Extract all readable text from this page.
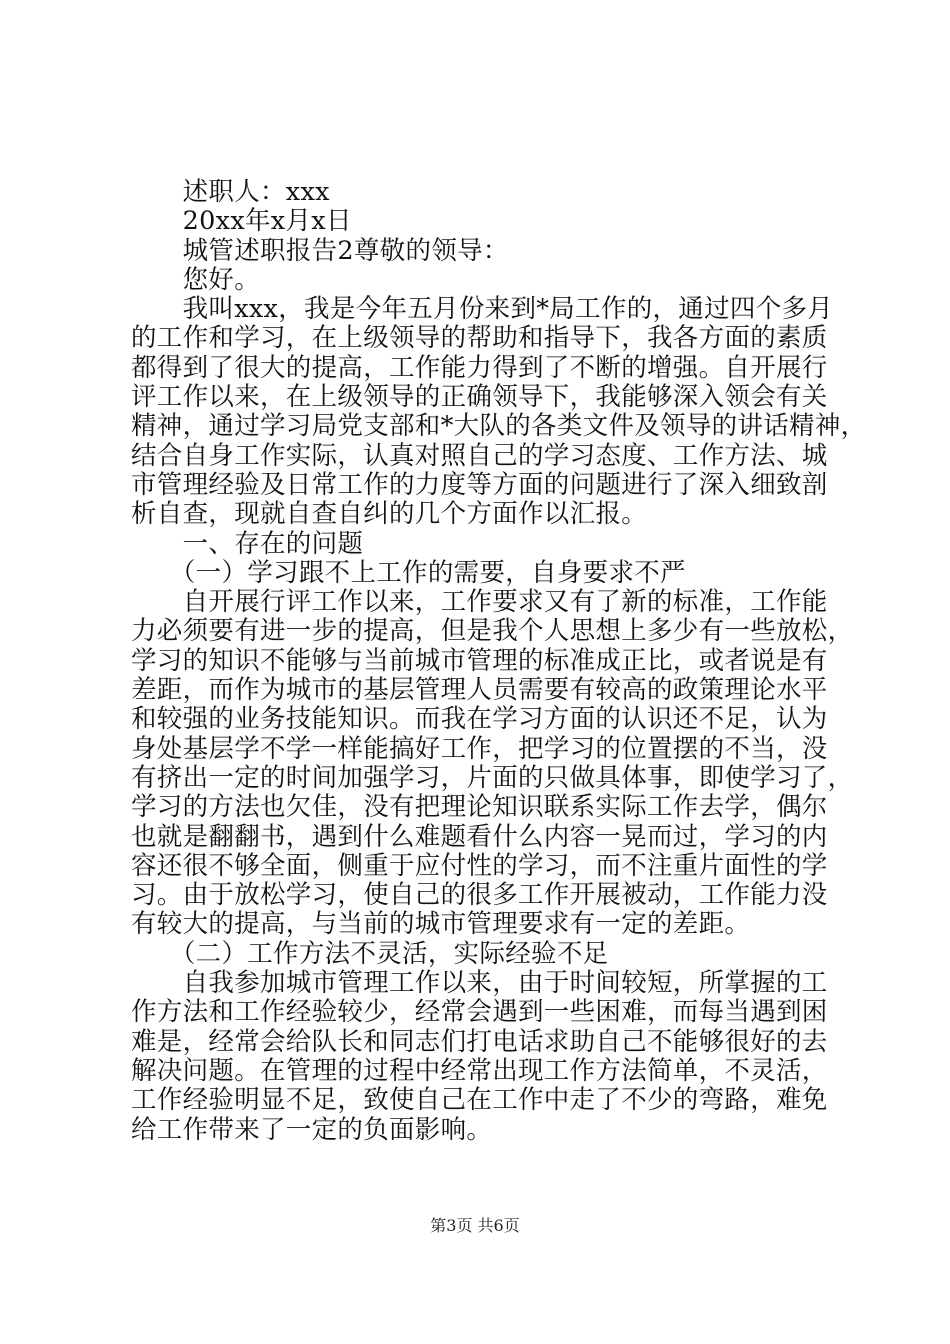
　　述职人：xxx
　　20xx年x月x日
　　城管述职报告2尊敬的领导：
　　您好。
　　我叫xxx，我是今年五月份来到*局工作的，通过四个多月
的工作和学习，在上级领导的帮助和指导下，我各方面的素质
都得到了很大的提高，工作能力得到了不断的增强。自开展行
评工作以来，在上级领导的正确领导下，我能够深入领会有关
精神，通过学习局党支部和*大队的各类文件及领导的讲话精神，
结合自身工作实际，认真对照自己的学习态度、工作方法、城
市管理经验及日常工作的力度等方面的问题进行了深入细致剖
析自查，现就自查自纠的几个方面作以汇报。
　　一、存在的问题
　　（一）学习跟不上工作的需要，自身要求不严
　　自开展行评工作以来，工作要求又有了新的标准，工作能
力必须要有进一步的提高，但是我个人思想上多少有一些放松，
学习的知识不能够与当前城市管理的标准成正比，或者说是有
差距，而作为城市的基层管理人员需要有较高的政策理论水平
和较强的业务技能知识。而我在学习方面的认识还不足，认为
身处基层学不学一样能搞好工作，把学习的位置摆的不当，没
有挤出一定的时间加强学习，片面的只做具体事，即使学习了，
学习的方法也欠佳，没有把理论知识联系实际工作去学，偶尔
也就是翻翻书，遇到什么难题看什么内容一晃而过，学习的内
容还很不够全面，侧重于应付性的学习，而不注重片面性的学
习。由于放松学习，使自己的很多工作开展被动，工作能力没
有较大的提高，与当前的城市管理要求有一定的差距。
　　（二）工作方法不灵活，实际经验不足
　　自我参加城市管理工作以来，由于时间较短，所掌握的工
作方法和工作经验较少，经常会遇到一些困难，而每当遇到困
难是，经常会给队长和同志们打电话求助自己不能够很好的去
解决问题。在管理的过程中经常出现工作方法简单，不灵活，
工作经验明显不足，致使自己在工作中走了不少的弯路，难免
给工作带来了一定的负面影响。
第3页 共6页
